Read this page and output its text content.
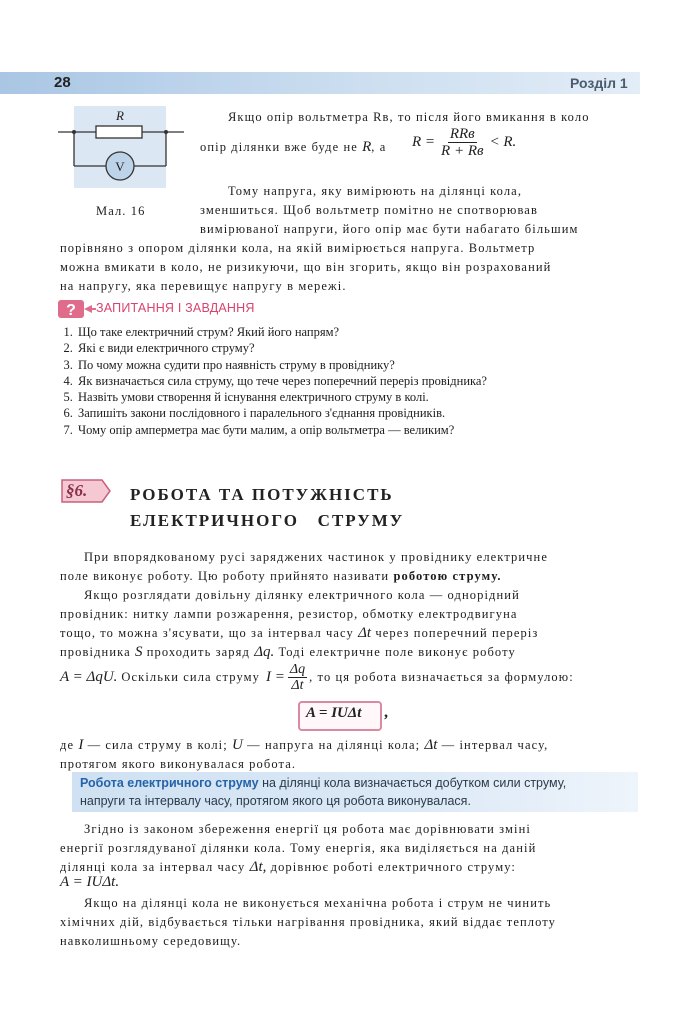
28	Розділ 1
R
V
Мал. 16
Якщо опір вольтметра Rв, то після його вмикання в коло
опір ділянки вже буде не R, а R = RRв
R + Rв
< R.
Тому напруга, яку вимірюють на ділянці кола,
зменшиться. Щоб вольтметр помітно не спотворював
вимірюваної напруги, його опір має бути набагато більшим
порівняно з опором ділянки кола, на якій вимірюється напруга. Вольтметр
можна вмикати в коло, не ризикуючи, що він згорить, якщо він розрахований
на напругу, яка перевищує напругу в мережі.
? ЗАПИТАННЯ І ЗАВДАННЯ
1. Що таке електричний струм? Який його напрям?
2. Які є види електричного струму?
3. По чому можна судити про наявність струму в провіднику?
4. Як визначається сила струму, що тече через поперечний переріз провідника?
5. Назвіть умови створення й існування електричного струму в колі.
6. Запишіть закони послідовного і паралельного з'єднання провідників.
7. Чому опір амперметра має бути малим, а опір вольтметра — великим?
§6.	РОБОТА ТА ПОТУЖНІСТЬ
ЕЛЕКТРИЧНОГО   СТРУМУ
При впорядкованому русі заряджених частинок у провіднику електричне
поле виконує роботу. Цю роботу прийнято називати роботою струму.
Якщо розглядати довільну ділянку електричного кола — однорідний
провідник: нитку лампи розжарення, резистор, обмотку електродвигуна
тощо, то можна з'ясувати, що за інтервал часу Δt через поперечний переріз
провідника S проходить заряд Δq. Тоді електричне поле виконує роботу
A = ΔqU. Оскільки сила струму $I = \frac{\Delta q}{\Delta t}$ , то ця робота визначається за формулою:
A = IUΔt ,
де I — сила струму в колі; U — напруга на ділянці кола; Δt — інтервал часу,
протягом якого виконувалася робота.
Робота електричного струму на ділянці кола визначається добутком сили струму,
напруги та інтервалу часу, протягом якого ця робота виконувалася.
Згідно із законом збереження енергії ця робота має дорівнювати зміні
енергії розглядуваної ділянки кола. Тому енергія, яка виділяється на даній
ділянці кола за інтервал часу Δt, дорівнює роботі електричного струму:
A = IUΔt.
Якщо на ділянці кола не виконується механічна робота і струм не чинить
хімічних дій, відбувається тільки нагрівання провідника, який віддає теплоту
навколишньому середовищу.
